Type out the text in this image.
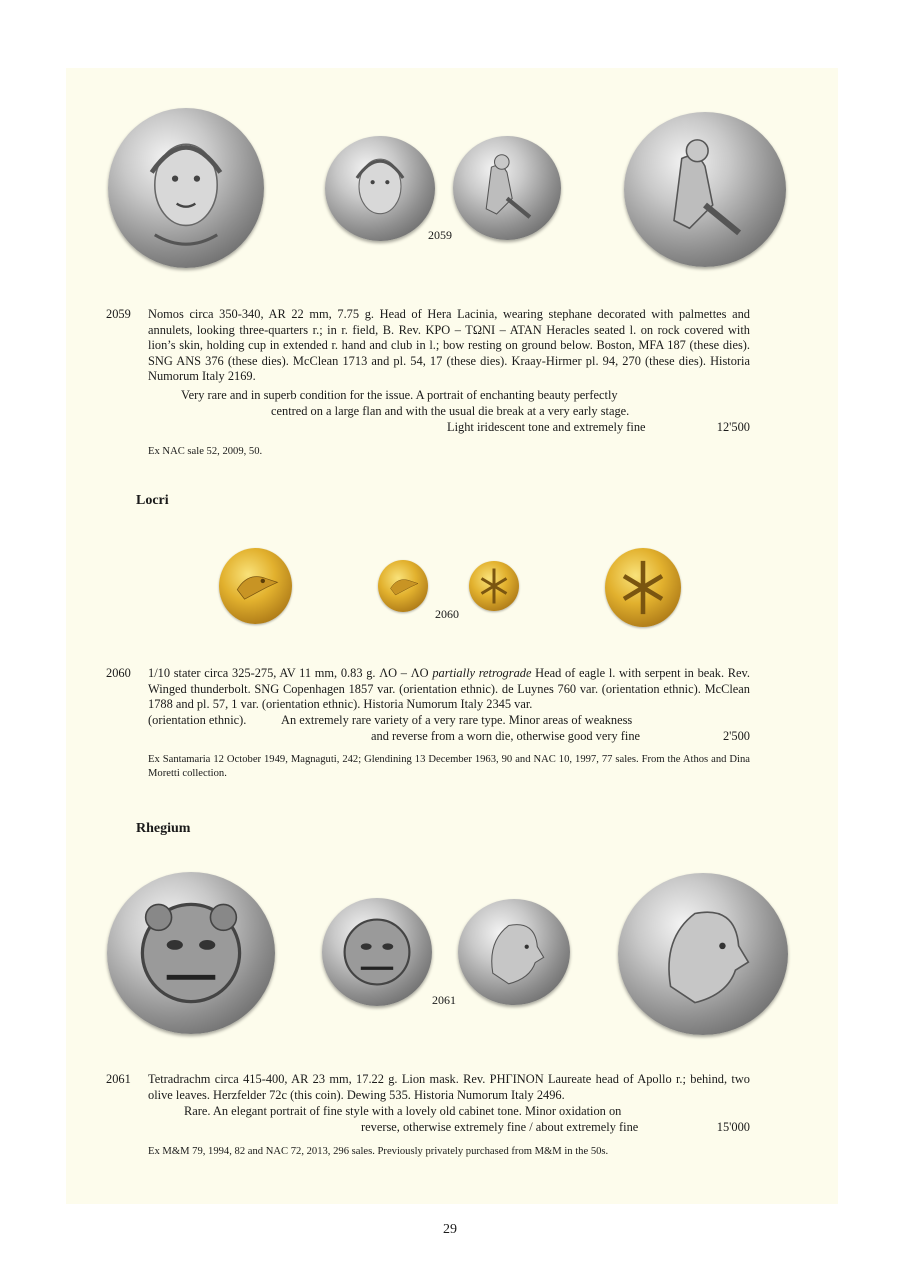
2059
2059 Nomos circa 350-340, AR 22 mm, 7.75 g. Head of Hera Lacinia, wearing stephane decorated with palmettes and annulets, looking three-quarters r.; in r. field, B. Rev. KPO – TΩNI – ATAN Heracles seated l. on rock covered with lion’s skin, holding cup in extended r. hand and club in l.; bow resting on ground below. Boston, MFA 187 (these dies). SNG ANS 376 (these dies). McClean 1713 and pl. 54, 17 (these dies). Kraay-Hirmer pl. 94, 270 (these dies). Historia Numorum Italy 2169.
Very rare and in superb condition for the issue. A portrait of enchanting beauty perfectly
centred on a large flan and with the usual die break at a very early stage.
Light iridescent tone and extremely fine	12'500
Ex NAC sale 52, 2009, 50.
Locri
2060
2060 1/10 stater circa 325-275, AV 11 mm, 0.83 g. ΛO – ΛO partially retrograde Head of eagle l. with serpent in beak. Rev. Winged thunderbolt. SNG Copenhagen 1857 var. (orientation ethnic). de Luynes 760 var. (orientation ethnic). McClean 1788 and pl. 57, 1 var. (orientation ethnic). Historia Numorum Italy 2345 var.
(orientation ethnic).	An extremely rare variety of a very rare type. Minor areas of weakness
and reverse from a worn die, otherwise good very fine	2'500
Ex Santamaria 12 October 1949, Magnaguti, 242; Glendining 13 December 1963, 90 and NAC 10, 1997, 77 sales. From the Athos and Dina Moretti collection.
Rhegium
2061
2061 Tetradrachm circa 415-400, AR 23 mm, 17.22 g. Lion mask. Rev. PHΓINON Laureate head of Apollo r.; behind, two olive leaves. Herzfelder 72c (this coin). Dewing 535. Historia Numorum Italy 2496.
Rare. An elegant portrait of fine style with a lovely old cabinet tone. Minor oxidation on
reverse, otherwise extremely fine / about extremely fine	15'000
Ex M&M 79, 1994, 82 and NAC 72, 2013, 296 sales. Previously privately purchased from M&M in the 50s.
29
